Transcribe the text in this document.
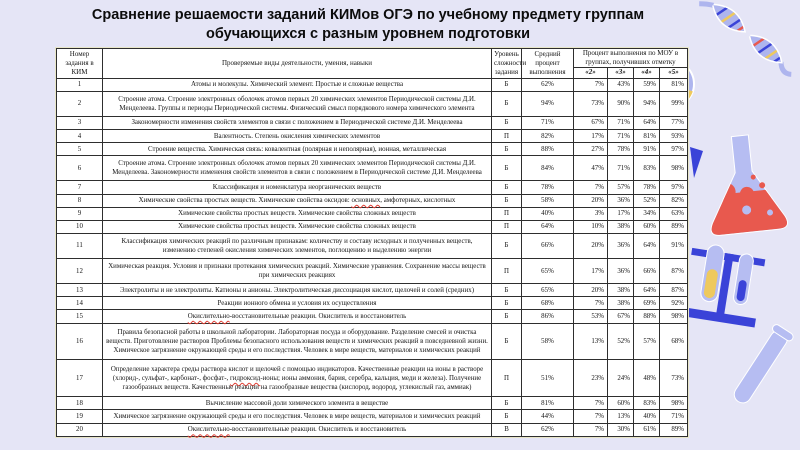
Сравнение решаемости заданий КИМов ОГЭ по учебному предмету группам обучающихся с разным уровнем подготовки
Номер задания в КИМ	Проверяемые виды деятельности, умения, навыки	Уровень сложности задания	Средний процент выполнения	Процент выполнения по МОУ в группах, получивших отметку			
				«2»	«3»	«4»	«5»
1	Атомы и молекулы. Химический элемент. Простые и сложные вещества	Б	62%	7%	43%	59%	81%
2	Строение атома. Строение электронных оболочек атомов первых 20 химических элементов Периодической системы Д.И. Менделеева. Группы и периоды Периодической системы. Физический смысл порядкового номера химического элемента	Б	94%	73%	90%	94%	99%
3	Закономерности изменения свойств элементов в связи с положением в Периодической системе Д.И. Менделеева	Б	71%	67%	71%	64%	77%
4	Валентность. Степень окисления химических элементов	П	82%	17%	71%	81%	93%
5	Строение вещества. Химическая связь: ковалентная (полярная и неполярная), ионная, металлическая	Б	88%	27%	78%	91%	97%
6	Строение атома. Строение электронных оболочек атомов первых 20 химических элементов Периодической системы Д.И. Менделеева. Закономерности изменения свойств элементов в связи с положением в Периодической системе Д.И. Менделеева	Б	84%	47%	71%	83%	98%
7	Классификация и номенклатура неорганических веществ	Б	78%	7%	57%	78%	97%
8	Химические свойства простых веществ. Химические свойства оксидов: основных, амфотерных, кислотных	Б	58%	20%	36%	52%	82%
9	Химические свойства простых веществ. Химические свойства сложных веществ	П	40%	3%	17%	34%	63%
10	Химические свойства простых веществ. Химические свойства сложных веществ	П	64%	10%	38%	60%	89%
11	Классификация химических реакций по различным признакам: количеству и составу исходных и полученных веществ, изменению степеней окисления химических элементов, поглощению и выделению энергии	Б	66%	20%	36%	64%	91%
12	Химическая реакция. Условия и признаки протекания химических реакций. Химические уравнения. Сохранение массы веществ при химических реакциях	П	65%	17%	36%	66%	87%
13	Электролиты и не электролиты. Катионы и анионы. Электролитическая диссоциация кислот, щелочей и солей (средних)	Б	65%	20%	38%	64%	87%
14	Реакции ионного обмена и условия их осуществления	Б	68%	7%	38%	69%	92%
15	Окислительно-восстановительные реакции. Окислитель и восстановитель	Б	86%	53%	67%	88%	98%
16	Правила безопасной работы в школьной лаборатории. Лабораторная посуда и оборудование. Разделение смесей и очистка веществ. Приготовление растворов Проблемы безопасного использования веществ и химических реакций в повседневной жизни. Химическое загрязнение окружающей среды и его последствия. Человек в мире веществ, материалов и химических реакций	Б	58%	13%	52%	57%	68%
17	Определение характера среды раствора кислот и щелочей с помощью индикаторов. Качественные реакции на ионы в растворе (хлорид-, сульфат-, карбонат-, фосфат-, гидроксид-ионы; ионы аммония, бария, серебра, кальция, меди и железа). Получение газообразных веществ. Качественные реакции на газообразные вещества (кислород, водород, углекислый газ, аммиак)	П	51%	23%	24%	48%	73%
18	Вычисление массовой доли химического элемента в веществе	Б	81%	7%	60%	83%	98%
19	Химическое загрязнение окружающей среды и его последствия. Человек в мире веществ, материалов и химических реакций	Б	44%	7%	13%	40%	71%
20	Окислительно-восстановительные реакции. Окислитель и восстановитель	В	62%	7%	30%	61%	89%
